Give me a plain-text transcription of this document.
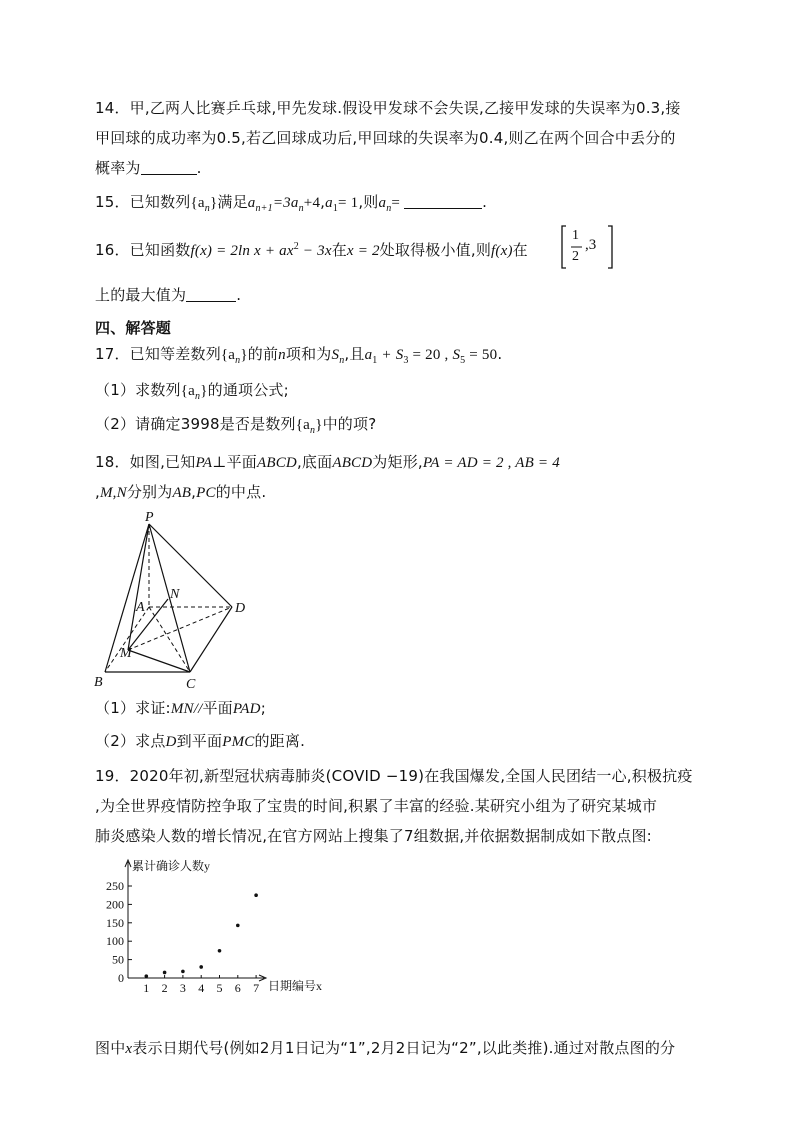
14．甲,乙两人比赛乒乓球,甲先发球.假设甲发球不会失误,乙接甲发球的失误率为0.3,接
甲回球的成功率为0.5,若乙回球成功后,甲回球的失误率为0.4,则乙在两个回合中丢分的
概率为	.
15．已知数列$\{a_n\}$满足$a_{n+1}=3a_n+4,a_1= 1$,则$a_n=$	.
16．已知函数f(x) = 2ln $x + ax^2 - 3x$在x = 2处取得极小值,则f(x)在
1
2
,3
上的最大值为	.
四、解答题
17．已知等差数列$\{a_n\}$的前n项和为$S_n$,且$a_1 + S_3 = 20$ , $S_5 = 50$.
（1）求数列$\{a_n\}$的通项公式;
（2）请确定3998是否是数列$\{a_n\}$中的项?
18．如图,已知PA⊥平面ABCD,底面ABCD为矩形,PA = AD = 2 , AB = 4
,M,N分别为AB,PC的中点.
P
A
N
D
M
B	C
（1）求证:MN//平面PAD;
（2）求点D到平面PMC的距离.
19．2020年初,新型冠状病毒肺炎(COVID −19)在我国爆发,全国人民团结一心,积极抗疫
,为全世界疫情防控争取了宝贵的时间,积累了丰富的经验.某研究小组为了研究某城市
肺炎感染人数的增长情况,在官方网站上搜集了7组数据,并依据数据制成如下散点图:
累计确诊人数y
日期编号x
0
50
100
150
200
250
1 2 3 4 5 6 7
图中x表示日期代号(例如2月1日记为“1”,2月2日记为“2”,以此类推).通过对散点图的分
